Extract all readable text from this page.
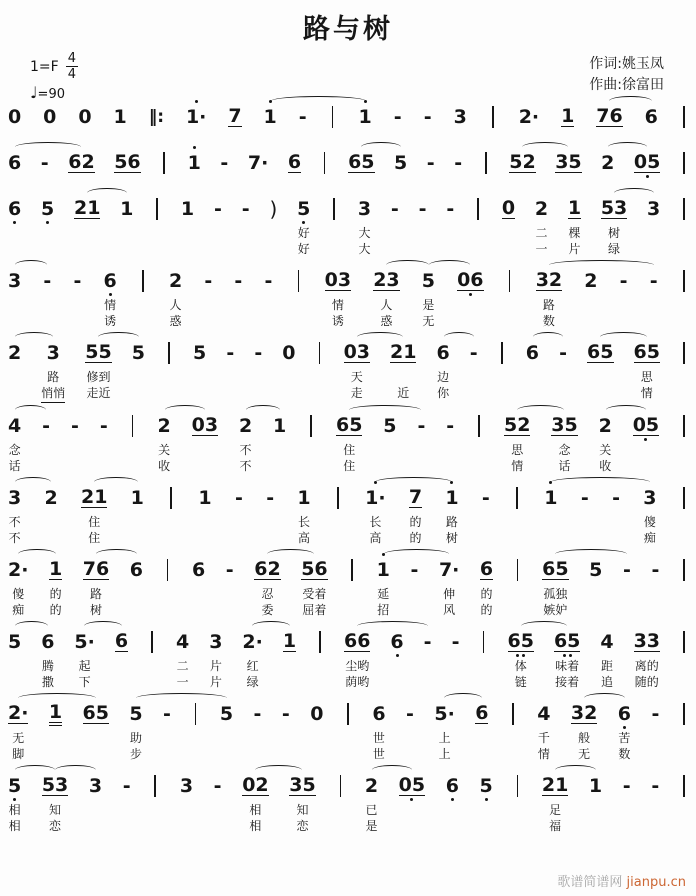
路与树
$1=F \frac{4}{4}$
♩=90
作词:姚玉凤
作曲:徐富田
0 0 0 1 ‖: 1· 7 1 -	1 - - 3	2· 1 76 6
6 - 62 56 1 - 7· 6 65 5 - - 52 35 2 05
6 5 21 1	1 - - ) 5
好
好
3
大
大
- - -	0 2
二
一
1
棵
片
53
树
绿
3
3 - - 6
情
诱
2
人
惑
- - -	03
情
诱
23
人
惑
5
是
无
06	32
路
数
2 - -
2 3
路
悄悄
55
修到
走近
5	5 - - 0	03
天
走
21
近
6
边
你
-	6 - 65 65
思
情
4
念
话
- - -	2
关
收
03 2
不
不
1	65
住
住
5 - -	52
思
情
35
念
话
2
关
收
05
3
不
不
2 21
住
住
1	1 - - 1
长
高
1·
长
高
7
的
的
1
路
树
-	1 - - 3
傻
痴
2·
傻
痴
1
的
的
76
路
树
6	6 - 62
忍
委
56
受着
屈着
1
延
招
- 7·
伸
风
6
的
的
65
孤独
嫉妒
5 - -
5 6
腾
撒
5·
起
下
6	4
二
一
3
片
片
2·
红
绿
1	66
尘哟
荫哟
6 - -	65
体
链
65
味着
接着
4
距
追
33
离的
随的
2·
无
脚
1 65 5
助
步
-	5 - - 0	6
世
世
- 5·
上
上
6	4
千
情
32
般
无
6
苦
数
-
5
相
相
53
知
恋
3 -	3 - 02
相
相
35
知
恋
2
已
是
05 6 5	21
足
福
1 - -
歌谱简谱网 jianpu.cn
